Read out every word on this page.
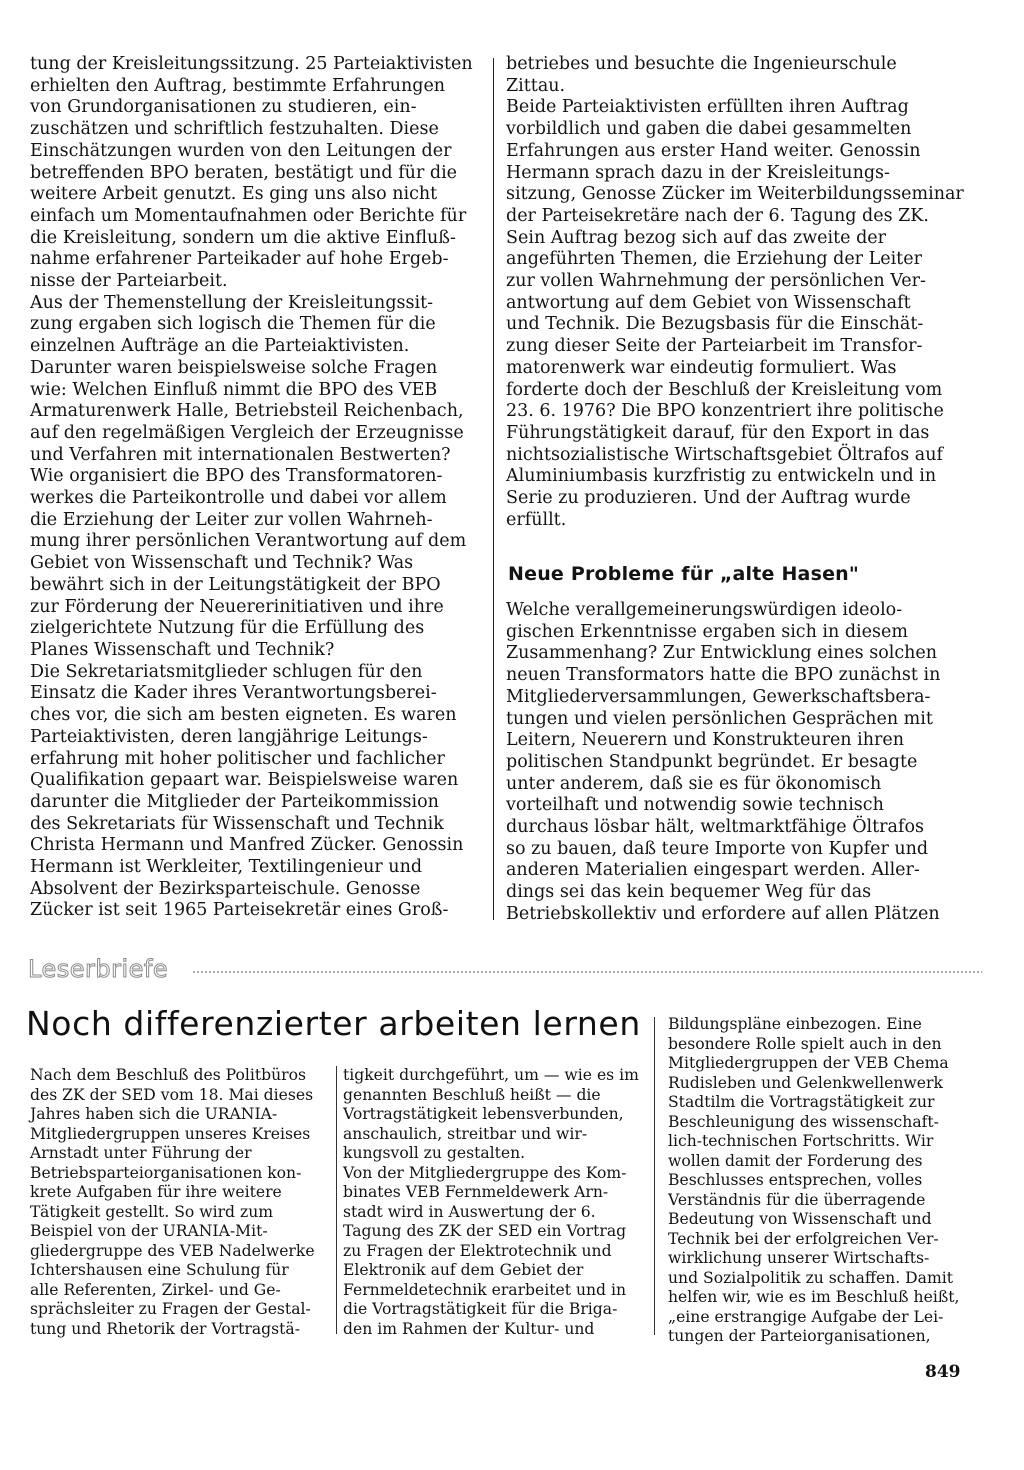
tung der Kreisleitungssitzung. 25 Parteiaktivisten
erhielten den Auftrag, bestimmte Erfahrungen
von Grundorganisationen zu studieren, ein-
zuschätzen und schriftlich festzuhalten. Diese
Einschätzungen wurden von den Leitungen der
betreffenden BPO beraten, bestätigt und für die
weitere Arbeit genutzt. Es ging uns also nicht
einfach um Momentaufnahmen oder Berichte für
die Kreisleitung, sondern um die aktive Einfluß-
nahme erfahrener Parteikader auf hohe Ergeb-
nisse der Parteiarbeit.
Aus der Themenstellung der Kreisleitungssit-
zung ergaben sich logisch die Themen für die
einzelnen Aufträge an die Parteiaktivisten.
Darunter waren beispielsweise solche Fragen
wie: Welchen Einfluß nimmt die BPO des VEB
Armaturenwerk Halle, Betriebsteil Reichenbach,
auf den regelmäßigen Vergleich der Erzeugnisse
und Verfahren mit internationalen Bestwerten?
Wie organisiert die BPO des Transformatoren-
werkes die Parteikontrolle und dabei vor allem
die Erziehung der Leiter zur vollen Wahrneh-
mung ihrer persönlichen Verantwortung auf dem
Gebiet von Wissenschaft und Technik? Was
bewährt sich in der Leitungstätigkeit der BPO
zur Förderung der Neuererinitiativen und ihre
zielgerichtete Nutzung für die Erfüllung des
Planes Wissenschaft und Technik?
Die Sekretariatsmitglieder schlugen für den
Einsatz die Kader ihres Verantwortungsberei-
ches vor, die sich am besten eigneten. Es waren
Parteiaktivisten, deren langjährige Leitungs-
erfahrung mit hoher politischer und fachlicher
Qualifikation gepaart war. Beispielsweise waren
darunter die Mitglieder der Parteikommission
des Sekretariats für Wissenschaft und Technik
Christa Hermann und Manfred Zücker. Genossin
Hermann ist Werkleiter, Textilingenieur und
Absolvent der Bezirksparteischule. Genosse
Zücker ist seit 1965 Parteisekretär eines Groß-
betriebes und besuchte die Ingenieurschule
Zittau.
Beide Parteiaktivisten erfüllten ihren Auftrag
vorbildlich und gaben die dabei gesammelten
Erfahrungen aus erster Hand weiter. Genossin
Hermann sprach dazu in der Kreisleitungs-
sitzung, Genosse Zücker im Weiterbildungsseminar
der Parteisekretäre nach der 6. Tagung des ZK.
Sein Auftrag bezog sich auf das zweite der
angeführten Themen, die Erziehung der Leiter
zur vollen Wahrnehmung der persönlichen Ver-
antwortung auf dem Gebiet von Wissenschaft
und Technik. Die Bezugsbasis für die Einschät-
zung dieser Seite der Parteiarbeit im Transfor-
matorenwerk war eindeutig formuliert. Was
forderte doch der Beschluß der Kreisleitung vom
23. 6. 1976? Die BPO konzentriert ihre politische
Führungstätigkeit darauf, für den Export in das
nichtsozialistische Wirtschaftsgebiet Öltrafos auf
Aluminiumbasis kurzfristig zu entwickeln und in
Serie zu produzieren. Und der Auftrag wurde
erfüllt.
Neue Probleme für „alte Hasen"
Welche verallgemeinerungswürdigen ideolo-
gischen Erkenntnisse ergaben sich in diesem
Zusammenhang? Zur Entwicklung eines solchen
neuen Transformators hatte die BPO zunächst in
Mitgliederversammlungen, Gewerkschaftsbera-
tungen und vielen persönlichen Gesprächen mit
Leitern, Neuerern und Konstrukteuren ihren
politischen Standpunkt begründet. Er besagte
unter anderem, daß sie es für ökonomisch
vorteilhaft und notwendig sowie technisch
durchaus lösbar hält, weltmarktfähige Öltrafos
so zu bauen, daß teure Importe von Kupfer und
anderen Materialien eingespart werden. Aller-
dings sei das kein bequemer Weg für das
Betriebskollektiv und erfordere auf allen Plätzen
Leserbriefe
Noch differenzierter arbeiten lernen
Nach dem Beschluß des Politbüros
des ZK der SED vom 18. Mai dieses
Jahres haben sich die URANIA-
Mitgliedergruppen unseres Kreises
Arnstadt unter Führung der
Betriebsparteiorganisationen kon-
krete Aufgaben für ihre weitere
Tätigkeit gestellt. So wird zum
Beispiel von der URANIA-Mit-
gliedergruppe des VEB Nadelwerke
Ichtershausen eine Schulung für
alle Referenten, Zirkel- und Ge-
sprächsleiter zu Fragen der Gestal-
tung und Rhetorik der Vortragstä-
tigkeit durchgeführt, um — wie es im
genannten Beschluß heißt — die
Vortragstätigkeit lebensverbunden,
anschaulich, streitbar und wir-
kungsvoll zu gestalten.
Von der Mitgliedergruppe des Kom-
binates VEB Fernmeldewerk Arn-
stadt wird in Auswertung der 6.
Tagung des ZK der SED ein Vortrag
zu Fragen der Elektrotechnik und
Elektronik auf dem Gebiet der
Fernmeldetechnik erarbeitet und in
die Vortragstätigkeit für die Briga-
den im Rahmen der Kultur- und
Bildungspläne einbezogen. Eine
besondere Rolle spielt auch in den
Mitgliedergruppen der VEB Chema
Rudisleben und Gelenkwellenwerk
Stadtilm die Vortragstätigkeit zur
Beschleunigung des wissenschaft-
lich-technischen Fortschritts. Wir
wollen damit der Forderung des
Beschlusses entsprechen, volles
Verständnis für die überragende
Bedeutung von Wissenschaft und
Technik bei der erfolgreichen Ver-
wirklichung unserer Wirtschafts-
und Sozialpolitik zu schaffen. Damit
helfen wir, wie es im Beschluß heißt,
„eine erstrangige Aufgabe der Lei-
tungen der Parteiorganisationen,
849
